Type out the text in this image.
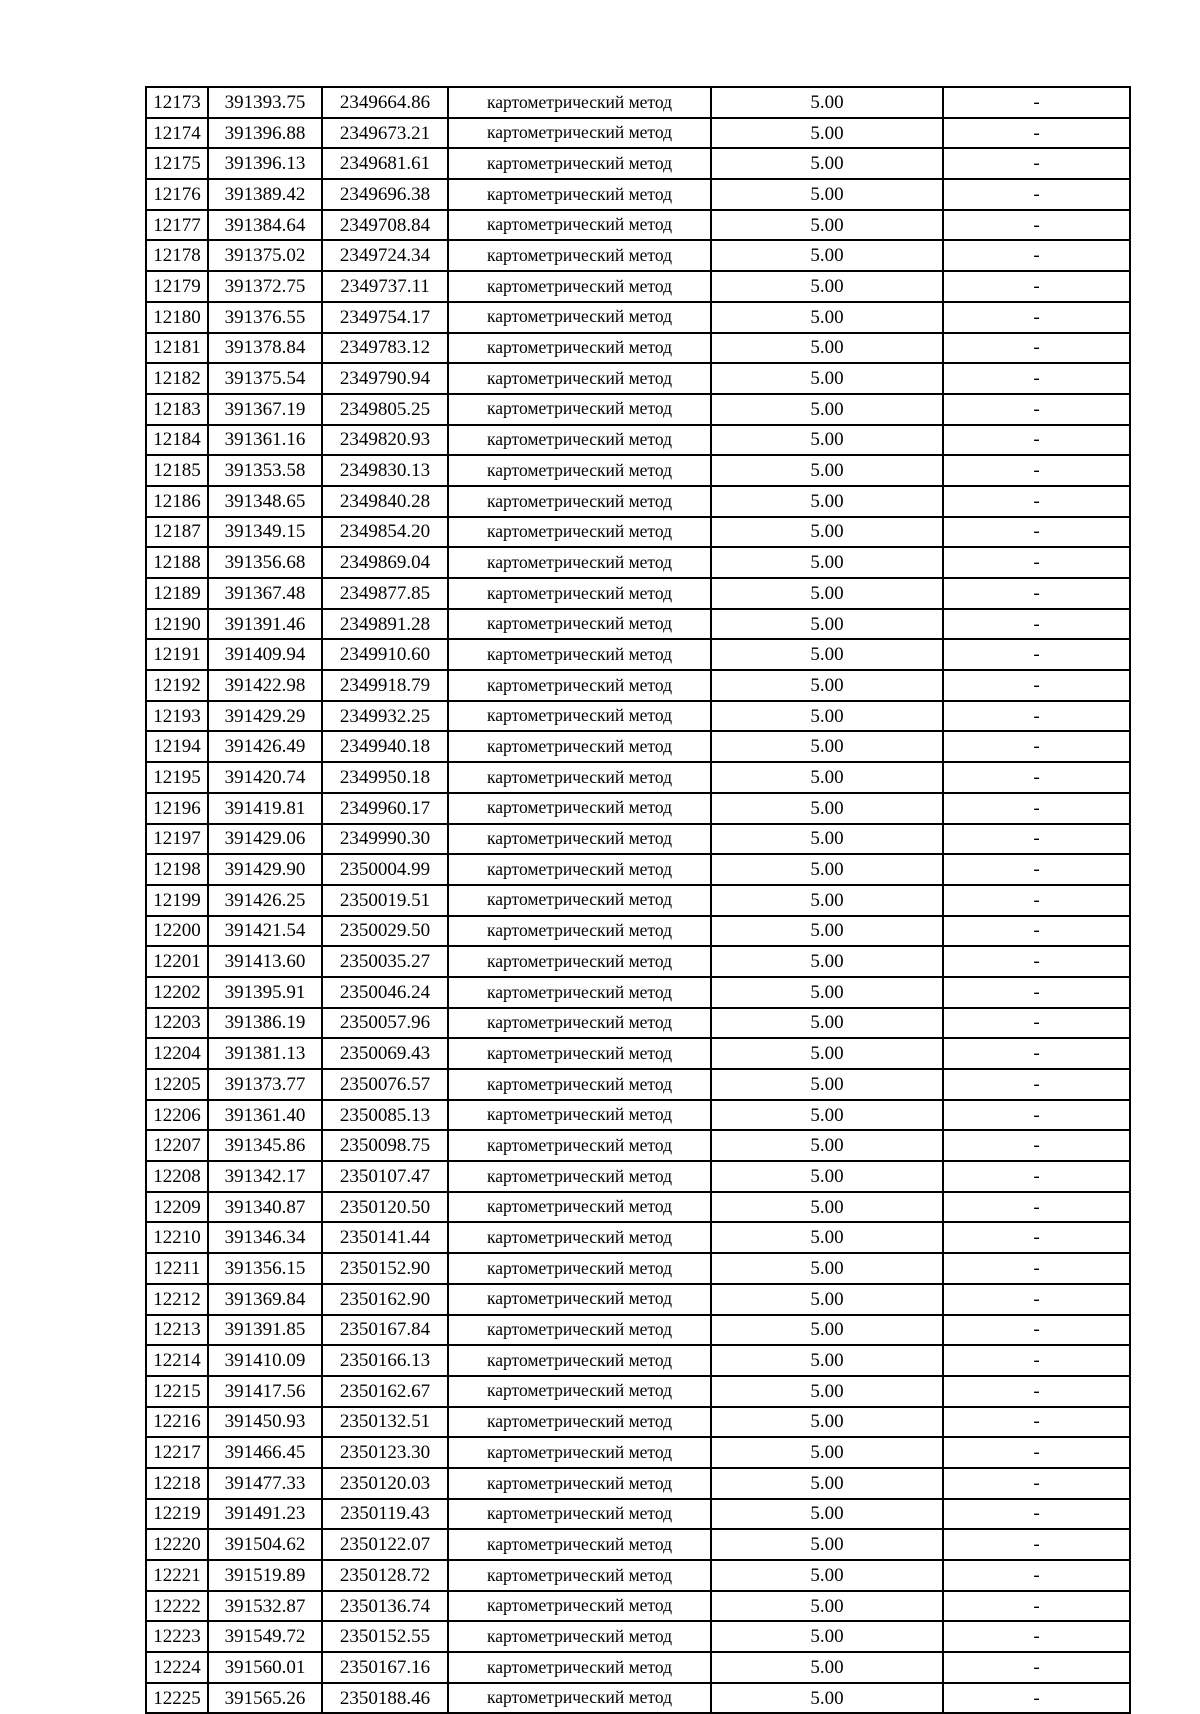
12173	391393.75	2349664.86	картометрический метод	5.00	-
12174	391396.88	2349673.21	картометрический метод	5.00	-
12175	391396.13	2349681.61	картометрический метод	5.00	-
12176	391389.42	2349696.38	картометрический метод	5.00	-
12177	391384.64	2349708.84	картометрический метод	5.00	-
12178	391375.02	2349724.34	картометрический метод	5.00	-
12179	391372.75	2349737.11	картометрический метод	5.00	-
12180	391376.55	2349754.17	картометрический метод	5.00	-
12181	391378.84	2349783.12	картометрический метод	5.00	-
12182	391375.54	2349790.94	картометрический метод	5.00	-
12183	391367.19	2349805.25	картометрический метод	5.00	-
12184	391361.16	2349820.93	картометрический метод	5.00	-
12185	391353.58	2349830.13	картометрический метод	5.00	-
12186	391348.65	2349840.28	картометрический метод	5.00	-
12187	391349.15	2349854.20	картометрический метод	5.00	-
12188	391356.68	2349869.04	картометрический метод	5.00	-
12189	391367.48	2349877.85	картометрический метод	5.00	-
12190	391391.46	2349891.28	картометрический метод	5.00	-
12191	391409.94	2349910.60	картометрический метод	5.00	-
12192	391422.98	2349918.79	картометрический метод	5.00	-
12193	391429.29	2349932.25	картометрический метод	5.00	-
12194	391426.49	2349940.18	картометрический метод	5.00	-
12195	391420.74	2349950.18	картометрический метод	5.00	-
12196	391419.81	2349960.17	картометрический метод	5.00	-
12197	391429.06	2349990.30	картометрический метод	5.00	-
12198	391429.90	2350004.99	картометрический метод	5.00	-
12199	391426.25	2350019.51	картометрический метод	5.00	-
12200	391421.54	2350029.50	картометрический метод	5.00	-
12201	391413.60	2350035.27	картометрический метод	5.00	-
12202	391395.91	2350046.24	картометрический метод	5.00	-
12203	391386.19	2350057.96	картометрический метод	5.00	-
12204	391381.13	2350069.43	картометрический метод	5.00	-
12205	391373.77	2350076.57	картометрический метод	5.00	-
12206	391361.40	2350085.13	картометрический метод	5.00	-
12207	391345.86	2350098.75	картометрический метод	5.00	-
12208	391342.17	2350107.47	картометрический метод	5.00	-
12209	391340.87	2350120.50	картометрический метод	5.00	-
12210	391346.34	2350141.44	картометрический метод	5.00	-
12211	391356.15	2350152.90	картометрический метод	5.00	-
12212	391369.84	2350162.90	картометрический метод	5.00	-
12213	391391.85	2350167.84	картометрический метод	5.00	-
12214	391410.09	2350166.13	картометрический метод	5.00	-
12215	391417.56	2350162.67	картометрический метод	5.00	-
12216	391450.93	2350132.51	картометрический метод	5.00	-
12217	391466.45	2350123.30	картометрический метод	5.00	-
12218	391477.33	2350120.03	картометрический метод	5.00	-
12219	391491.23	2350119.43	картометрический метод	5.00	-
12220	391504.62	2350122.07	картометрический метод	5.00	-
12221	391519.89	2350128.72	картометрический метод	5.00	-
12222	391532.87	2350136.74	картометрический метод	5.00	-
12223	391549.72	2350152.55	картометрический метод	5.00	-
12224	391560.01	2350167.16	картометрический метод	5.00	-
12225	391565.26	2350188.46	картометрический метод	5.00	-
